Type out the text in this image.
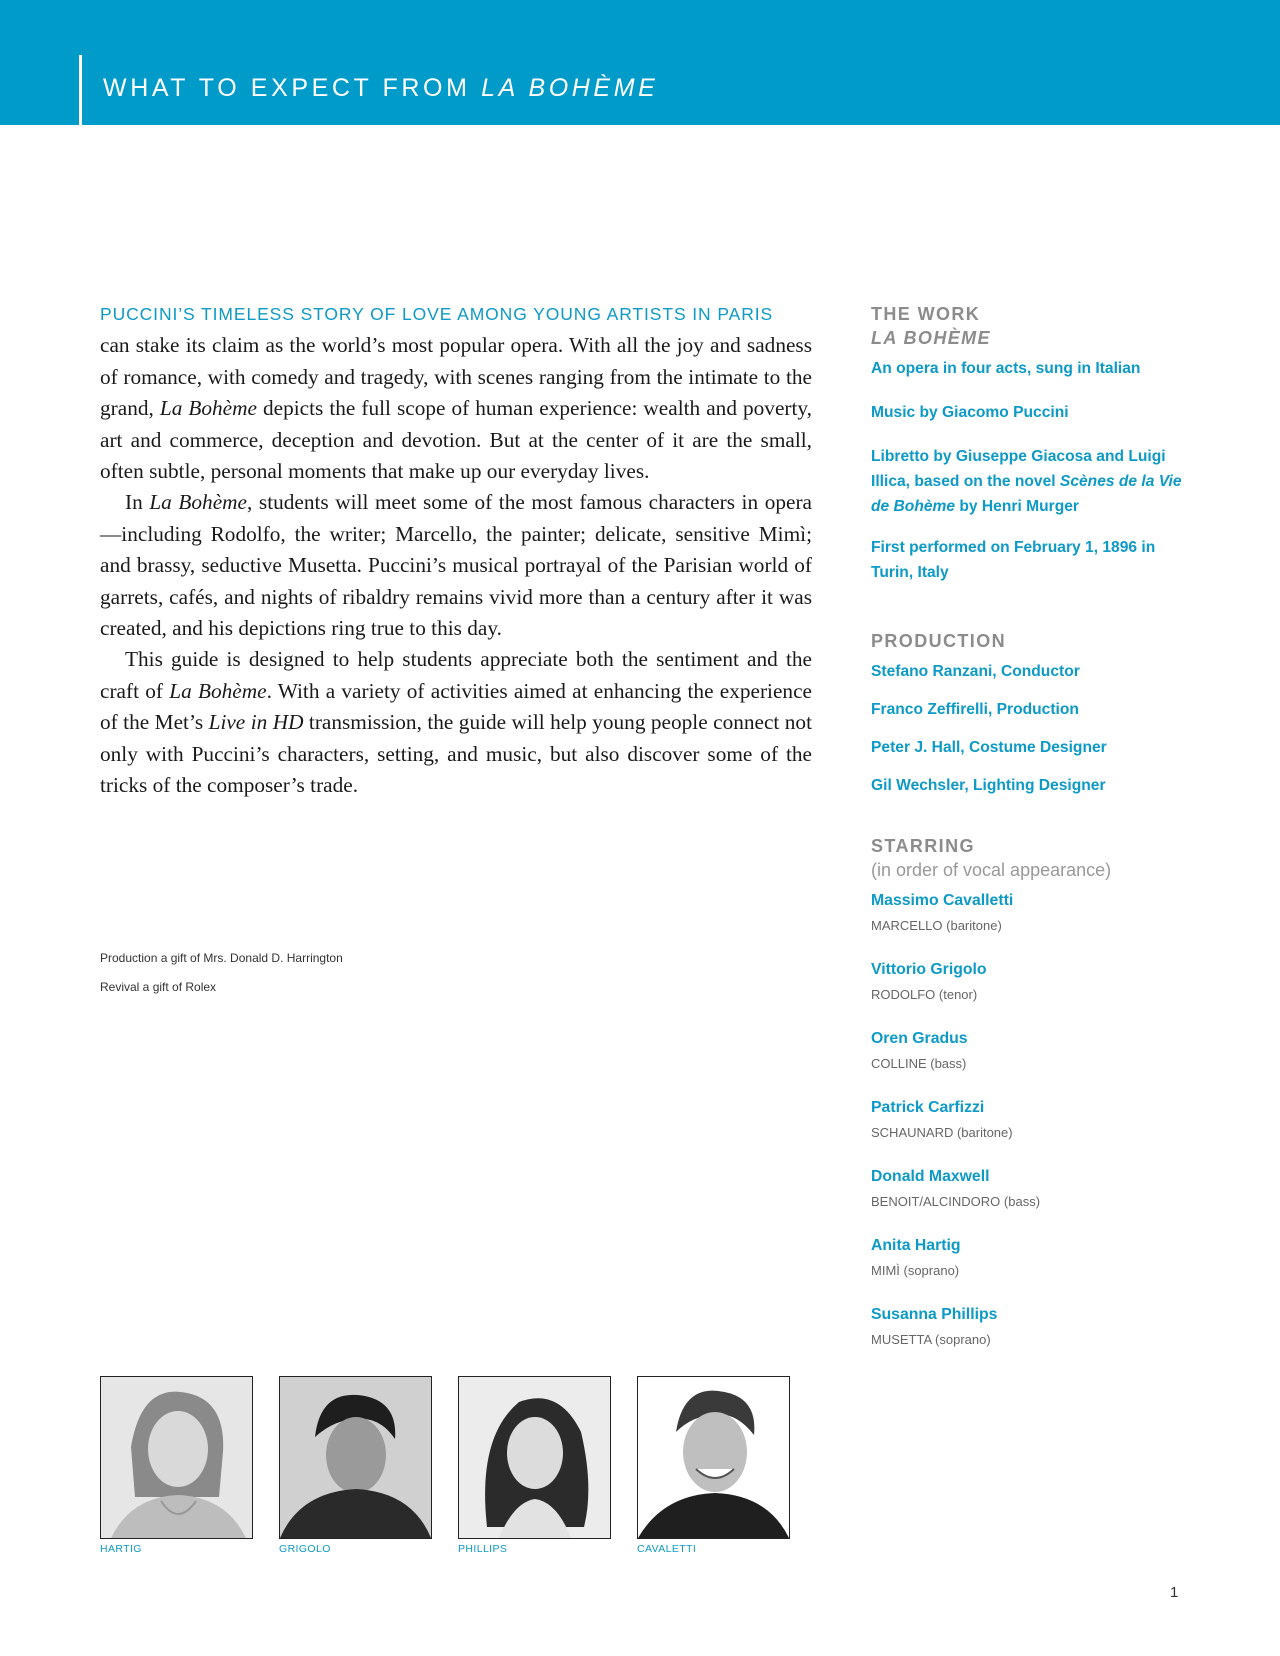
WHAT TO EXPECT FROM LA BOHÈME

PUCCINI’S TIMELESS STORY OF LOVE AMONG YOUNG ARTISTS IN PARIS
can stake its claim as the world’s most popular opera. With all the joy and sadness of romance, with comedy and tragedy, with scenes ranging from the intimate to the grand, La Bohème depicts the full scope of human experience: wealth and poverty, art and commerce, deception and devotion. But at the center of it are the small, often subtle, personal moments that make up our everyday lives.

In La Bohème, students will meet some of the most famous characters in opera—including Rodolfo, the writer; Marcello, the painter; delicate, sensitive Mimì; and brassy, seductive Musetta. Puccini’s musical portrayal of the Parisian world of garrets, cafés, and nights of ribaldry remains vivid more than a century after it was created, and his depictions ring true to this day.

This guide is designed to help students appreciate both the sentiment and the craft of La Bohème. With a variety of activities aimed at enhancing the experience of the Met’s Live in HD transmission, the guide will help young people connect not only with Puccini’s characters, setting, and music, but also discover some of the tricks of the composer’s trade.

Production a gift of Mrs. Donald D. Harrington
Revival a gift of Rolex
HARTIG	GRIGOLO	PHILLIPS	CAVALETTI
THE WORK
LA BOHÈME

An opera in four acts, sung in Italian

Music by Giacomo Puccini

Libretto by Giuseppe Giacosa and Luigi Illica, based on the novel Scènes de la Vie de Bohème by Henri Murger

First performed on February 1, 1896 in Turin, Italy

PRODUCTION

Stefano Ranzani, Conductor

Franco Zeffirelli, Production

Peter J. Hall, Costume Designer

Gil Wechsler, Lighting Designer

STARRING
(in order of vocal appearance)

Massimo Cavalletti

MARCELLO (baritone)

Vittorio Grigolo

RODOLFO (tenor)

Oren Gradus

COLLINE (bass)

Patrick Carfizzi

SCHAUNARD (baritone)

Donald Maxwell

BENOIT/ALCINDORO (bass)

Anita Hartig

MIMÌ (soprano)

Susanna Phillips

MUSETTA (soprano)

1
